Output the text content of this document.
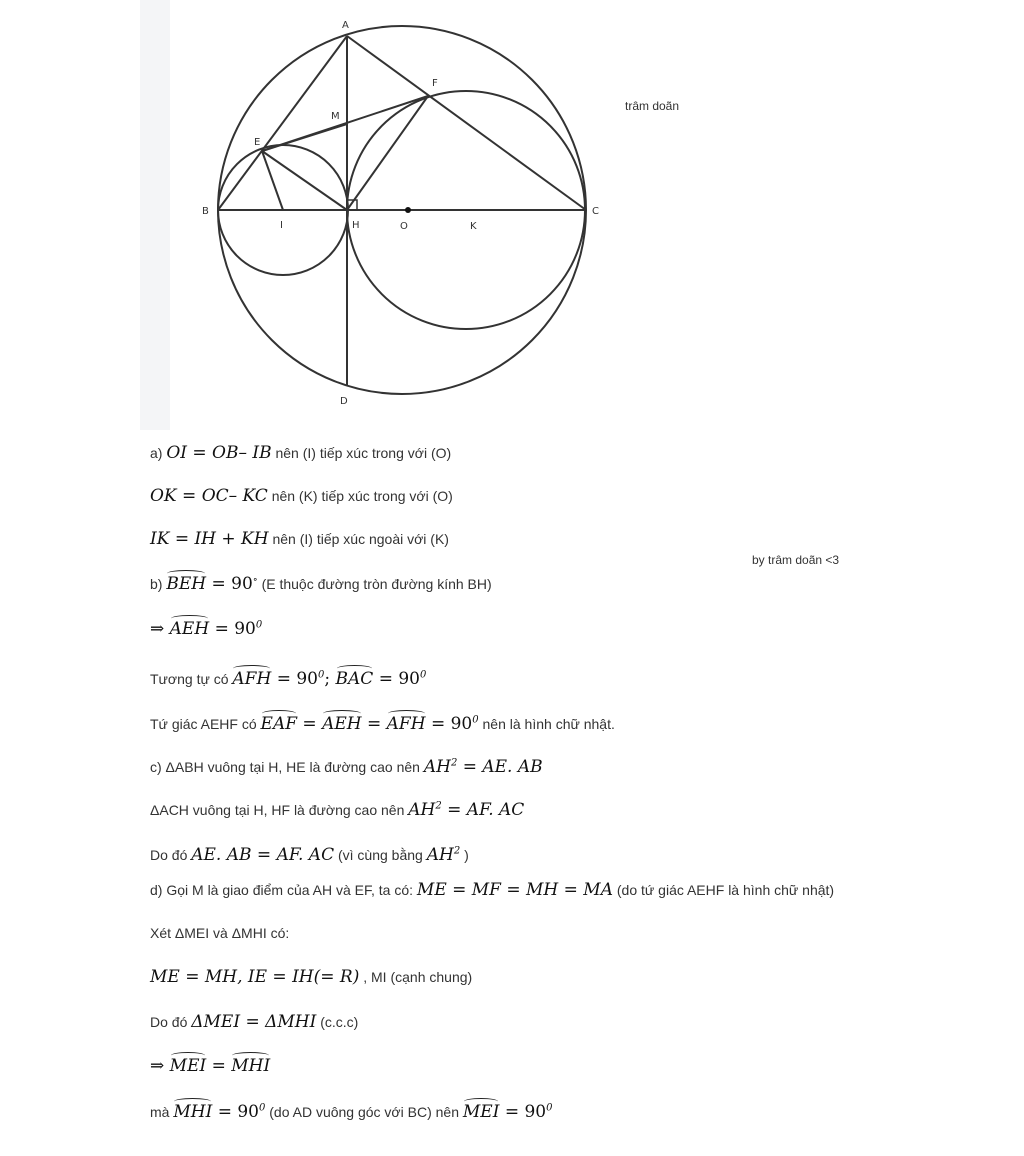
A
B	C
D
E
F
H
I	K
M
O
trâm doãn
by trâm doãn <3
a) OI = OB– IB nên (I) tiếp xúc trong với (O)
OK = OC– KC nên (K) tiếp xúc trong với (O)
IK = IH + KH nên (I) tiếp xúc ngoài với (K)
b) BEH = 90∘ (E thuộc đường tròn đường kính BH)
⇒ AEH = $90^0$
Tương tự có AFH = $90^0$; BAC = $90^0$
Tứ giác AEHF có EAF = AEH = AFH = $90^0$ nên là hình chữ nhật.
c) ΔABH vuông tại H, HE là đường cao nên $AH^2$ = AE. AB
ΔACH vuông tại H, HF là đường cao nên $AH^2$ = AF. AC
Do đó AE. AB = AF. AC (vì cùng bằng $AH^2$ )
d) Gọi M là giao điểm của AH và EF, ta có: ME = MF = MH = MA (do tứ giác AEHF là hình chữ nhật)
Xét ΔMEI và ΔMHI có:
ME = MH, IE = IH(= R) , MI (cạnh chung)
Do đó ΔMEI = ΔMHI (c.c.c)
⇒ MEI = MHI
mà MHI = $90^0$ (do AD vuông góc với BC) nên MEI = $90^0$
